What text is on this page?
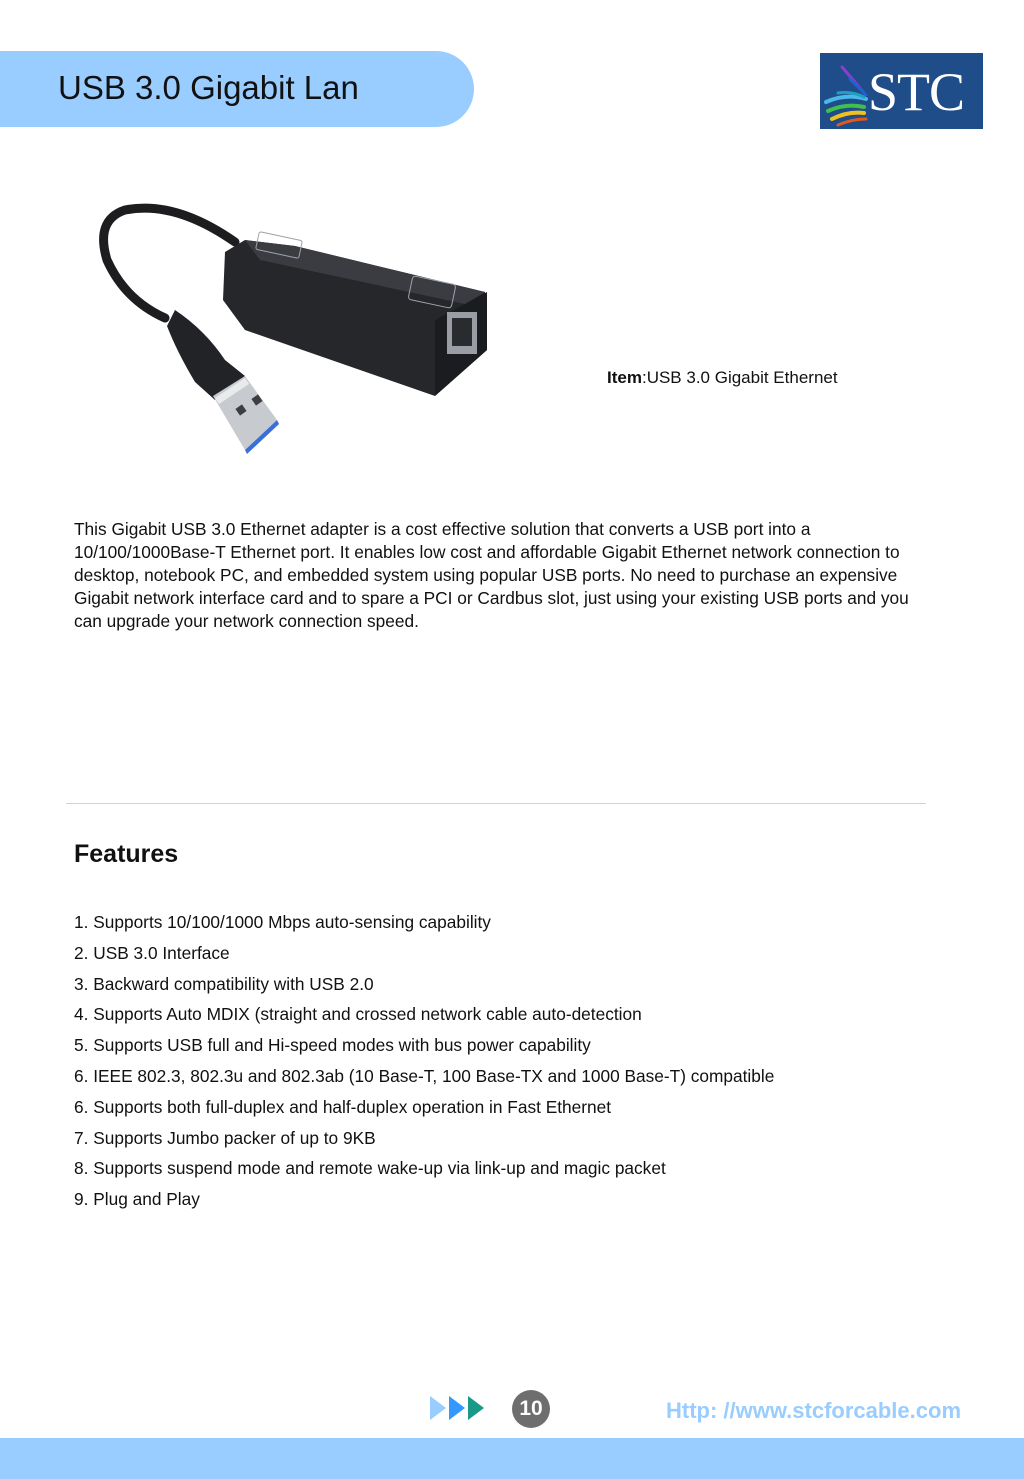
USB 3.0 Gigabit Lan	STC
Item:USB 3.0 Gigabit Ethernet

This Gigabit USB 3.0 Ethernet adapter is a cost effective solution that converts a USB port into a 10/100/1000Base-T Ethernet port. It enables low cost and affordable Gigabit Ethernet network connection to desktop, notebook PC, and embedded system using popular USB ports. No need to purchase an expensive Gigabit network interface card and to spare a PCI or Cardbus slot, just using your existing USB ports and you can upgrade your network connection speed.

Features
1. Supports 10/100/1000 Mbps auto-sensing capability
2. USB 3.0 Interface
3. Backward compatibility with USB 2.0
4. Supports Auto MDIX (straight and crossed network cable auto-detection
5. Supports USB full and Hi-speed modes with bus power capability
6. IEEE 802.3, 802.3u and 802.3ab (10 Base-T, 100 Base-TX and 1000 Base-T) compatible
6. Supports both full-duplex and half-duplex operation in Fast Ethernet
7. Supports Jumbo packer of up to 9KB
8. Supports suspend mode and remote wake-up via link-up and magic packet
9. Plug and Play
10	Http: //www.stcforcable.com
